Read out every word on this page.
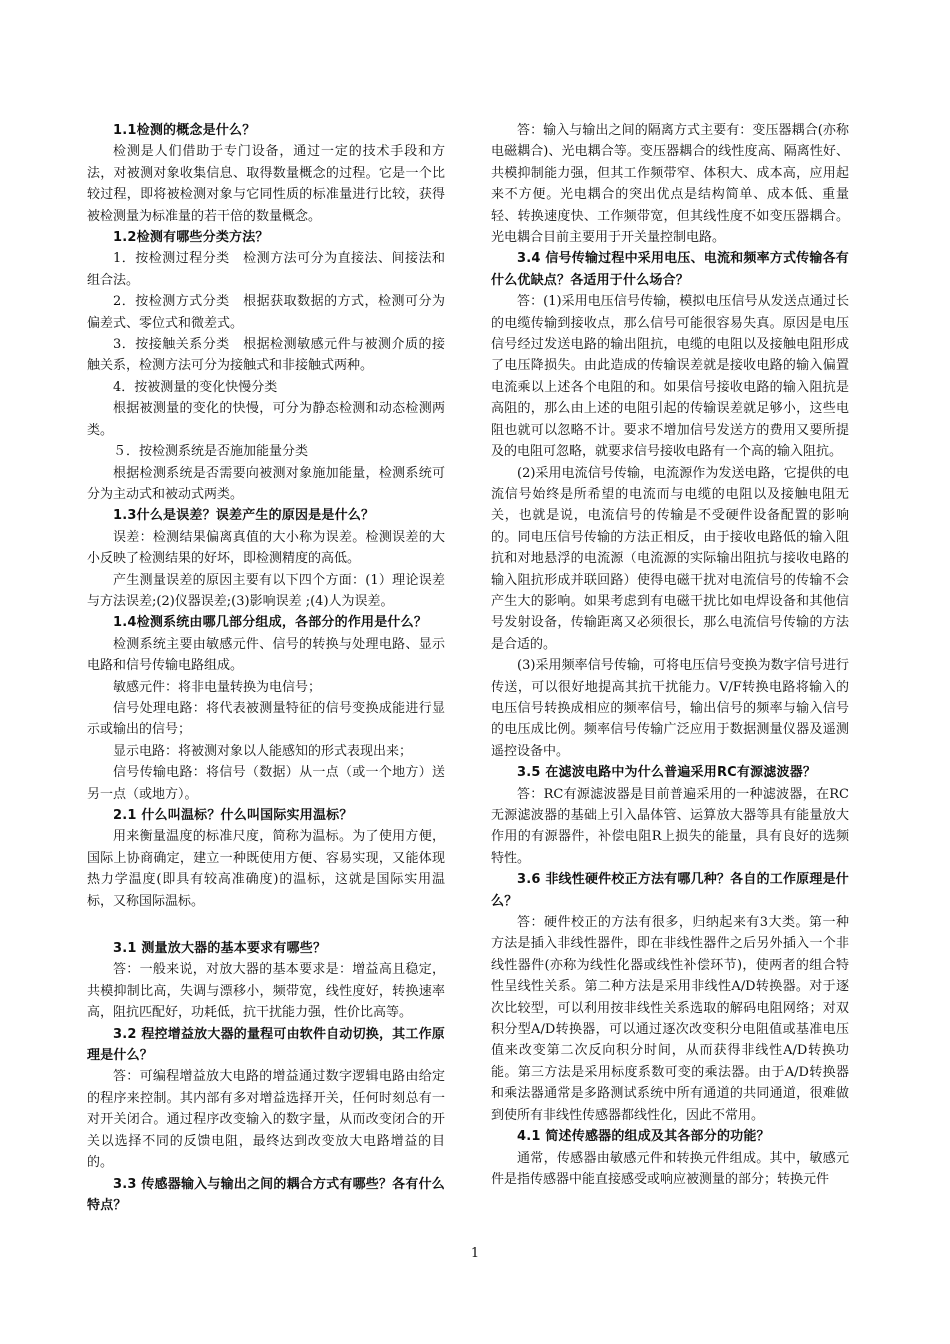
1.1检测的概念是什么？

检测是人们借助于专门设备，通过一定的技术手段和方法，对被测对象收集信息、取得数量概念的过程。它是一个比较过程，即将被检测对象与它同性质的标准量进行比较，获得被检测量为标准量的若干倍的数量概念。

1.2检测有哪些分类方法？

1．按检测过程分类　检测方法可分为直接法、间接法和组合法。

2．按检测方式分类　根据获取数据的方式，检测可分为偏差式、零位式和微差式。

3．按接触关系分类　根据检测敏感元件与被测介质的接触关系，检测方法可分为接触式和非接触式两种。

4．按被测量的变化快慢分类

根据被测量的变化的快慢，可分为静态检测和动态检测两类。

５．按检测系统是否施加能量分类

根据检测系统是否需要向被测对象施加能量，检测系统可分为主动式和被动式两类。

1.3什么是误差？误差产生的原因是是什么？

误差：检测结果偏离真值的大小称为误差。检测误差的大小反映了检测结果的好坏，即检测精度的高低。

产生测量误差的原因主要有以下四个方面：(1）理论误差与方法误差;(2)仪器误差;(3)影响误差 ;(4)人为误差。

1.4检测系统由哪几部分组成，各部分的作用是什么？

检测系统主要由敏感元件、信号的转换与处理电路、显示电路和信号传输电路组成。

敏感元件：将非电量转换为电信号；

信号处理电路：将代表被测量特征的信号变换成能进行显示或输出的信号；

显示电路：将被测对象以人能感知的形式表现出来；

信号传输电路：将信号（数据）从一点（或一个地方）送另一点（或地方）。

2.1 什么叫温标？什么叫国际实用温标？

用来衡量温度的标准尺度，简称为温标。为了使用方便，国际上协商确定，建立一种既使用方便、容易实现，又能体现热力学温度(即具有较高准确度)的温标，这就是国际实用温标，又称国际温标。

3.1 测量放大器的基本要求有哪些？

答：一般来说，对放大器的基本要求是：增益高且稳定，共模抑制比高，失调与漂移小，频带宽，线性度好，转换速率高，阻抗匹配好，功耗低，抗干扰能力强，性价比高等。

3.2 程控增益放大器的量程可由软件自动切换，其工作原理是什么？

答：可编程增益放大电路的增益通过数字逻辑电路由给定的程序来控制。其内部有多对增益选择开关，任何时刻总有一对开关闭合。通过程序改变输入的数字量，从而改变闭合的开关以选择不同的反馈电阻，最终达到改变放大电路增益的目的。

3.3 传感器输入与输出之间的耦合方式有哪些？各有什么特点？

答：输入与输出之间的隔离方式主要有：变压器耦合(亦称电磁耦合)、光电耦合等。变压器耦合的线性度高、隔离性好、共模抑制能力强，但其工作频带窄、体积大、成本高，应用起来不方便。光电耦合的突出优点是结构简单、成本低、重量轻、转换速度快、工作频带宽，但其线性度不如变压器耦合。光电耦合目前主要用于开关量控制电路。

3.4 信号传输过程中采用电压、电流和频率方式传输各有什么优缺点？各适用于什么场合？

答：(1)采用电压信号传输，模拟电压信号从发送点通过长的电缆传输到接收点，那么信号可能很容易失真。原因是电压信号经过发送电路的输出阻抗，电缆的电阻以及接触电阻形成了电压降损失。由此造成的传输误差就是接收电路的输入偏置电流乘以上述各个电阻的和。如果信号接收电路的输入阻抗是高阻的，那么由上述的电阻引起的传输误差就足够小，这些电阻也就可以忽略不计。要求不增加信号发送方的费用又要所提及的电阻可忽略，就要求信号接收电路有一个高的输入阻抗。

(2)采用电流信号传输，电流源作为发送电路，它提供的电流信号始终是所希望的电流而与电缆的电阻以及接触电阻无关，也就是说，电流信号的传输是不受硬件设备配置的影响的。同电压信号传输的方法正相反，由于接收电路低的输入阻抗和对地悬浮的电流源（电流源的实际输出阻抗与接收电路的输入阻抗形成并联回路）使得电磁干扰对电流信号的传输不会产生大的影响。如果考虑到有电磁干扰比如电焊设备和其他信号发射设备，传输距离又必须很长，那么电流信号传输的方法是合适的。

(3)采用频率信号传输，可将电压信号变换为数字信号进行传送，可以很好地提高其抗干扰能力。V/F转换电路将输入的电压信号转换成相应的频率信号，输出信号的频率与输入信号的电压成比例。频率信号传输广泛应用于数据测量仪器及遥测遥控设备中。

3.5 在滤波电路中为什么普遍采用RC有源滤波器？

答：RC有源滤波器是目前普遍采用的一种滤波器，在RC无源滤波器的基础上引入晶体管、运算放大器等具有能量放大作用的有源器件，补偿电阻R上损失的能量，具有良好的选频特性。

3.6 非线性硬件校正方法有哪几种？各自的工作原理是什么？

答：硬件校正的方法有很多，归纳起来有3大类。第一种方法是插入非线性器件，即在非线性器件之后另外插入一个非线性器件(亦称为线性化器或线性补偿环节)，使两者的组合特性呈线性关系。第二种方法是采用非线性A/D转换器。对于逐次比较型，可以利用按非线性关系选取的解码电阻网络；对双积分型A/D转换器，可以通过逐次改变积分电阻值或基准电压值来改变第二次反向积分时间，从而获得非线性A/D转换功能。第三方法是采用标度系数可变的乘法器。由于A/D转换器和乘法器通常是多路测试系统中所有通道的共同通道，很难做到使所有非线性传感器都线性化，因此不常用。

4.1 简述传感器的组成及其各部分的功能？

通常，传感器由敏感元件和转换元件组成。其中，敏感元件是指传感器中能直接感受或响应被测量的部分；转换元件

1
